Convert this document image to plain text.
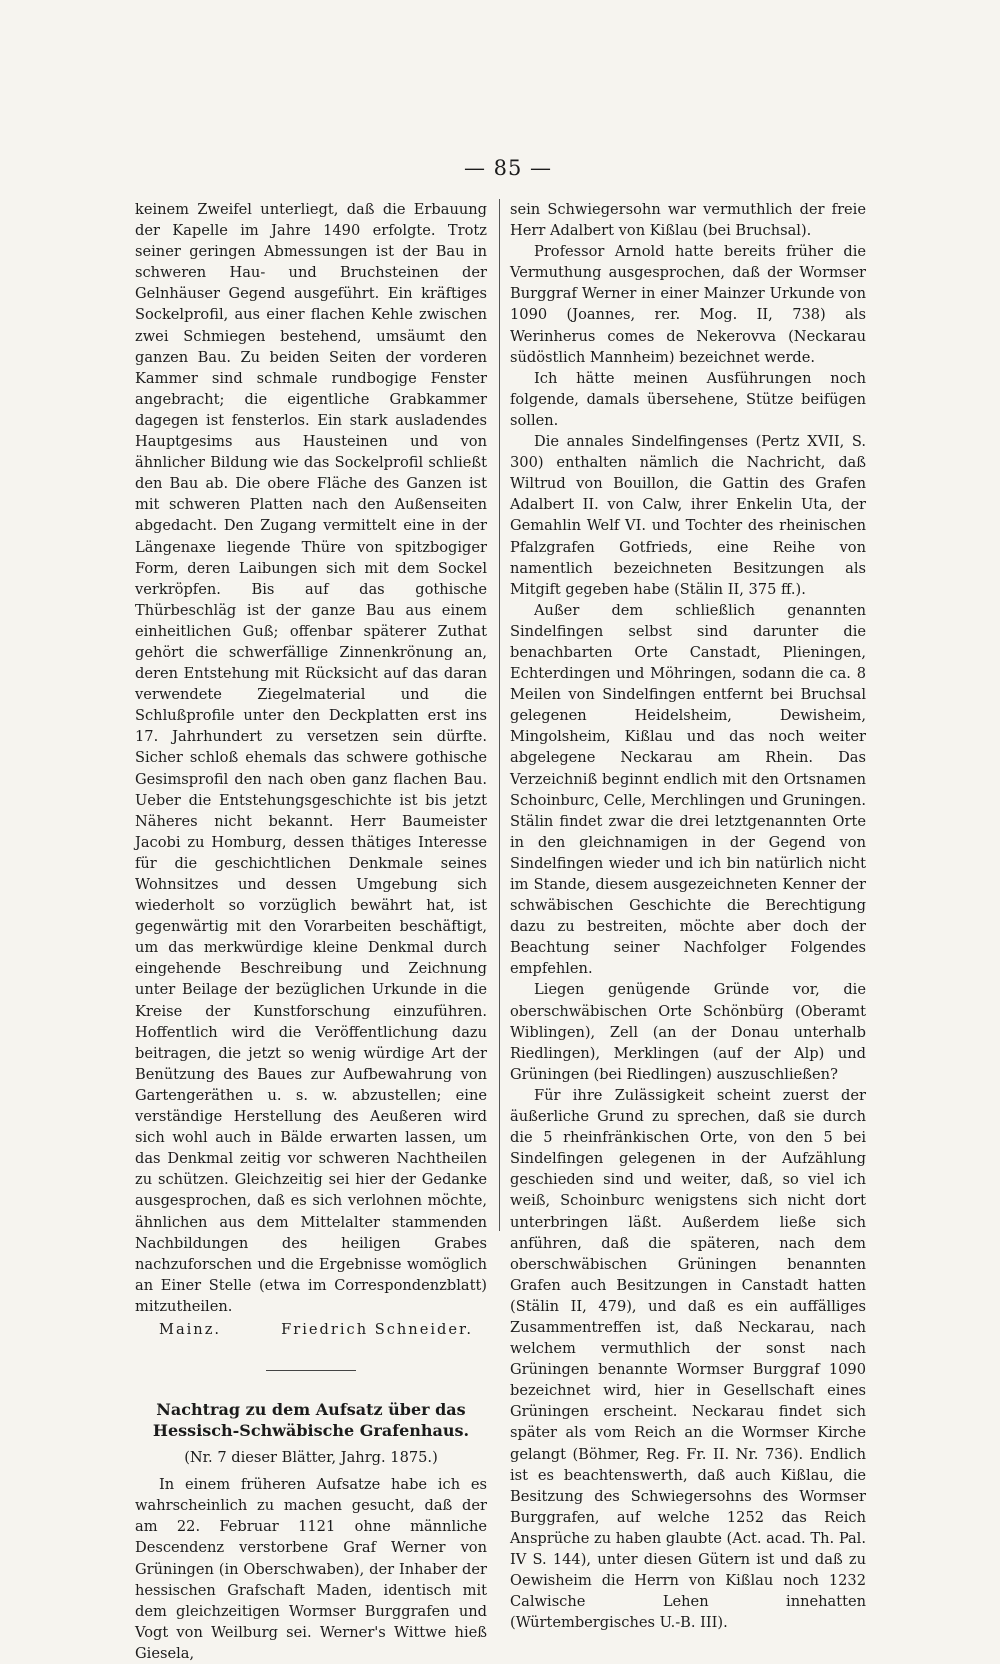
— 85 —

keinem Zweifel unterliegt, daß die Erbauung der Kapelle im Jahre 1490 erfolgte. Trotz seiner geringen Abmessungen ist der Bau in schweren Hau- und Bruchsteinen der Gelnhäuser Gegend ausgeführt. Ein kräftiges Sockelprofil, aus einer flachen Kehle zwischen zwei Schmiegen bestehend, umsäumt den ganzen Bau. Zu beiden Seiten der vorderen Kammer sind schmale rundbogige Fenster angebracht; die eigentliche Grabkammer dagegen ist fensterlos. Ein stark ausladendes Hauptgesims aus Hausteinen und von ähnlicher Bildung wie das Sockelprofil schließt den Bau ab. Die obere Fläche des Ganzen ist mit schweren Platten nach den Außenseiten abgedacht. Den Zugang vermittelt eine in der Längenaxe liegende Thüre von spitzbogiger Form, deren Laibungen sich mit dem Sockel verkröpfen. Bis auf das gothische Thürbeschläg ist der ganze Bau aus einem einheitlichen Guß; offenbar späterer Zuthat gehört die schwerfällige Zinnenkrönung an, deren Entstehung mit Rücksicht auf das daran verwendete Ziegelmaterial und die Schlußprofile unter den Deckplatten erst ins 17. Jahrhundert zu versetzen sein dürfte. Sicher schloß ehemals das schwere gothische Gesimsprofil den nach oben ganz flachen Bau. Ueber die Entstehungsgeschichte ist bis jetzt Näheres nicht bekannt. Herr Baumeister Jacobi zu Homburg, dessen thätiges Interesse für die geschichtlichen Denkmale seines Wohnsitzes und dessen Umgebung sich wiederholt so vorzüglich bewährt hat, ist gegenwärtig mit den Vorarbeiten beschäftigt, um das merkwürdige kleine Denkmal durch eingehende Beschreibung und Zeichnung unter Beilage der bezüglichen Urkunde in die Kreise der Kunstforschung einzuführen. Hoffentlich wird die Veröffentlichung dazu beitragen, die jetzt so wenig würdige Art der Benützung des Baues zur Aufbewahrung von Gartengeräthen u. s. w. abzustellen; eine verständige Herstellung des Aeußeren wird sich wohl auch in Bälde erwarten lassen, um das Denkmal zeitig vor schweren Nachtheilen zu schützen. Gleichzeitig sei hier der Gedanke ausgesprochen, daß es sich verlohnen möchte, ähnlichen aus dem Mittelalter stammenden Nachbildungen des heiligen Grabes nachzuforschen und die Ergebnisse womöglich an Einer Stelle (etwa im Correspondenzblatt) mitzutheilen.

Mainz.	Friedrich Schneider.
Nachtrag zu dem Aufsatz über das Hessisch-Schwäbische Grafenhaus.
(Nr. 7 dieser Blätter, Jahrg. 1875.)

In einem früheren Aufsatze habe ich es wahrscheinlich zu machen gesucht, daß der am 22. Februar 1121 ohne männliche Descendenz verstorbene Graf Werner von Grüningen (in Oberschwaben), der Inhaber der hessischen Grafschaft Maden, identisch mit dem gleichzeitigen Wormser Burggrafen und Vogt von Weilburg sei. Werner's Wittwe hieß Giesela,

sein Schwiegersohn war vermuthlich der freie Herr Adalbert von Kißlau (bei Bruchsal).

Professor Arnold hatte bereits früher die Vermuthung ausgesprochen, daß der Wormser Burggraf Werner in einer Mainzer Urkunde von 1090 (Joannes, rer. Mog. II, 738) als Werinherus comes de Nekerovva (Neckarau südöstlich Mannheim) bezeichnet werde.

Ich hätte meinen Ausführungen noch folgende, damals übersehene, Stütze beifügen sollen.

Die annales Sindelfingenses (Pertz XVII, S. 300) enthalten nämlich die Nachricht, daß Wiltrud von Bouillon, die Gattin des Grafen Adalbert II. von Calw, ihrer Enkelin Uta, der Gemahlin Welf VI. und Tochter des rheinischen Pfalzgrafen Gotfrieds, eine Reihe von namentlich bezeichneten Besitzungen als Mitgift gegeben habe (Stälin II, 375 ff.).

Außer dem schließlich genannten Sindelfingen selbst sind darunter die benachbarten Orte Canstadt, Plieningen, Echterdingen und Möhringen, sodann die ca. 8 Meilen von Sindelfingen entfernt bei Bruchsal gelegenen Heidelsheim, Dewisheim, Mingolsheim, Kißlau und das noch weiter abgelegene Neckarau am Rhein. Das Verzeichniß beginnt endlich mit den Ortsnamen Schoinburc, Celle, Merchlingen und Gruningen. Stälin findet zwar die drei letztgenannten Orte in den gleichnamigen in der Gegend von Sindelfingen wieder und ich bin natürlich nicht im Stande, diesem ausgezeichneten Kenner der schwäbischen Geschichte die Berechtigung dazu zu bestreiten, möchte aber doch der Beachtung seiner Nachfolger Folgendes empfehlen.

Liegen genügende Gründe vor, die oberschwäbischen Orte Schönbürg (Oberamt Wiblingen), Zell (an der Donau unterhalb Riedlingen), Merklingen (auf der Alp) und Grüningen (bei Riedlingen) auszuschließen?

Für ihre Zulässigkeit scheint zuerst der äußerliche Grund zu sprechen, daß sie durch die 5 rheinfränkischen Orte, von den 5 bei Sindelfingen gelegenen in der Aufzählung geschieden sind und weiter, daß, so viel ich weiß, Schoinburc wenigstens sich nicht dort unterbringen läßt. Außerdem ließe sich anführen, daß die späteren, nach dem oberschwäbischen Grüningen benannten Grafen auch Besitzungen in Canstadt hatten (Stälin II, 479), und daß es ein auffälliges Zusammentreffen ist, daß Neckarau, nach welchem vermuthlich der sonst nach Grüningen benannte Wormser Burggraf 1090 bezeichnet wird, hier in Gesellschaft eines Grüningen erscheint. Neckarau findet sich später als vom Reich an die Wormser Kirche gelangt (Böhmer, Reg. Fr. II. Nr. 736). Endlich ist es beachtenswerth, daß auch Kißlau, die Besitzung des Schwiegersohns des Wormser Burggrafen, auf welche 1252 das Reich Ansprüche zu haben glaubte (Act. acad. Th. Pal. IV S. 144), unter diesen Gütern ist und daß zu Oewisheim die Herrn von Kißlau noch 1232 Calwische Lehen innehatten (Würtembergisches U.-B. III).
